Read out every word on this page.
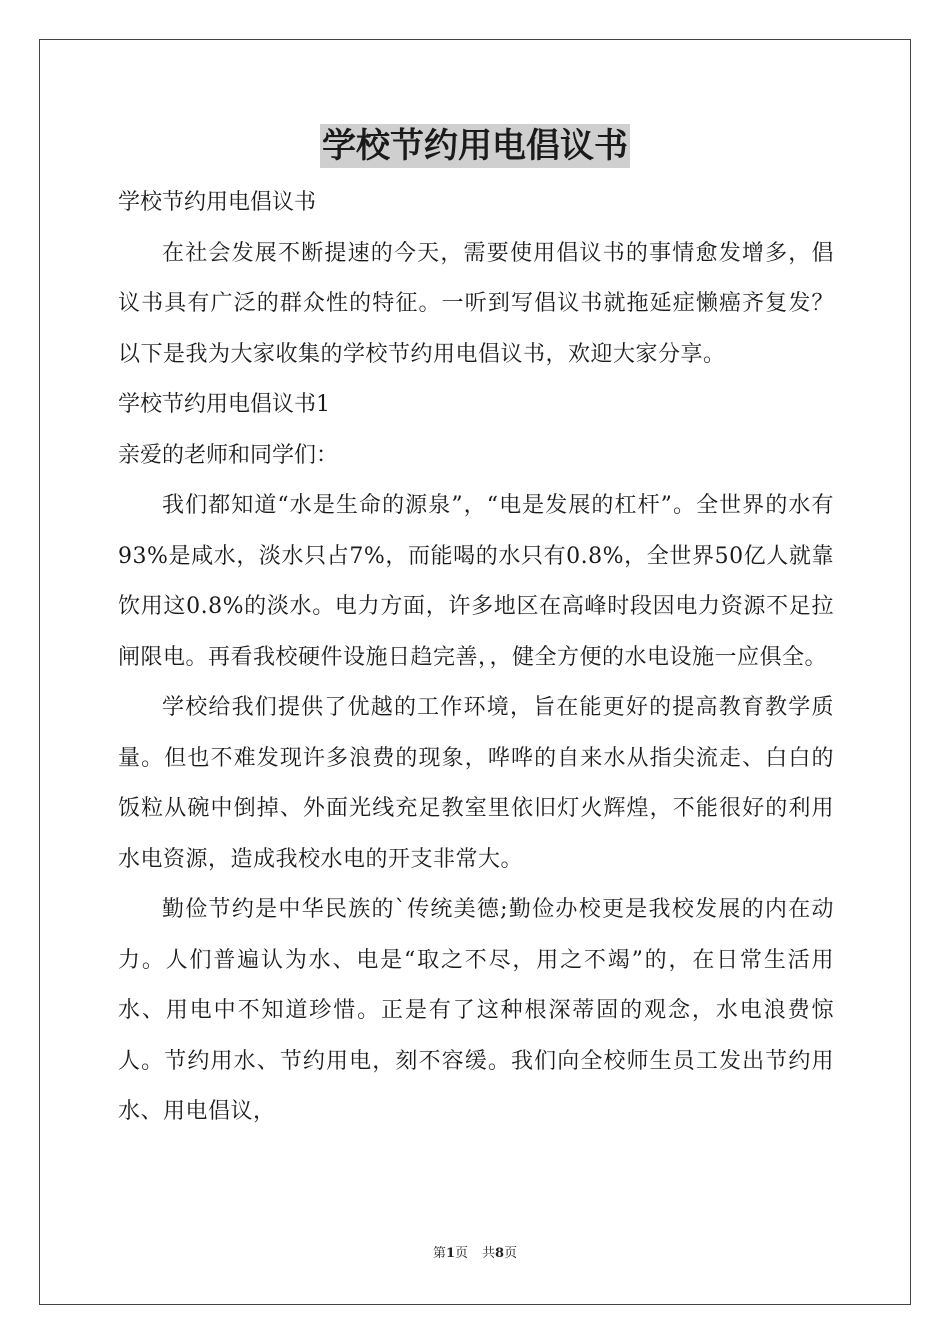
学校节约用电倡议书

学校节约用电倡议书

在社会发展不断提速的今天，需要使用倡议书的事情愈发增多，倡议书具有广泛的群众性的特征。一听到写倡议书就拖延症懒癌齐复发？以下是我为大家收集的学校节约用电倡议书，欢迎大家分享。

学校节约用电倡议书1

亲爱的老师和同学们：

我们都知道“水是生命的源泉”，“电是发展的杠杆”。全世界的水有93%是咸水，淡水只占7%，而能喝的水只有0.8%，全世界50亿人就靠饮用这0.8%的淡水。电力方面，许多地区在高峰时段因电力资源不足拉闸限电。再看我校硬件设施日趋完善，，健全方便的水电设施一应俱全。

学校给我们提供了优越的工作环境，旨在能更好的提高教育教学质量。但也不难发现许多浪费的现象，哗哗的自来水从指尖流走、白白的饭粒从碗中倒掉、外面光线充足教室里依旧灯火辉煌，不能很好的利用水电资源，造成我校水电的开支非常大。

勤俭节约是中华民族的`传统美德;勤俭办校更是我校发展的内在动力。人们普遍认为水、电是“取之不尽，用之不竭”的，在日常生活用水、用电中不知道珍惜。正是有了这种根深蒂固的观念，水电浪费惊人。节约用水、节约用电，刻不容缓。我们向全校师生员工发出节约用水、用电倡议，

第1页 共8页
